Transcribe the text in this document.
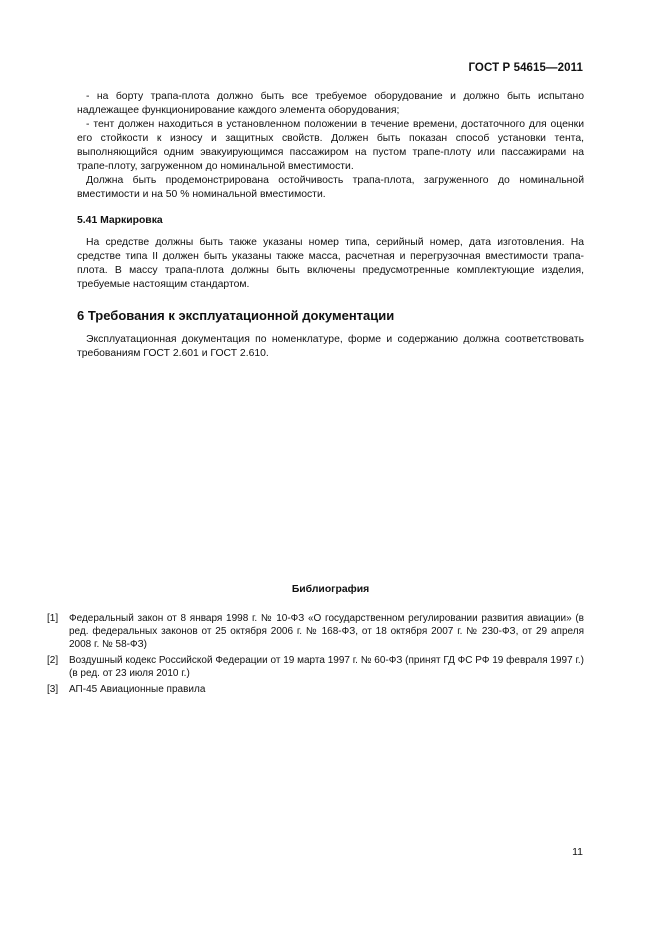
ГОСТ Р 54615—2011

- на борту трапа-плота должно быть все требуемое оборудование и должно быть испытано надлежащее функционирование каждого элемента оборудования;

- тент должен находиться в установленном положении в течение времени, достаточного для оценки его стойкости к износу и защитных свойств. Должен быть показан способ установки тента, выполняющийся одним эвакуирующимся пассажиром на пустом трапе-плоту или пассажирами на трапе-плоту, загруженном до номинальной вместимости.

Должна быть продемонстрирована остойчивость трапа-плота, загруженного до номинальной вместимости и на 50 % номинальной вместимости.

5.41 Маркировка

На средстве должны быть также указаны номер типа, серийный номер, дата изготовления. На средстве типа II должен быть указаны также масса, расчетная и перегрузочная вместимости трапа-плота. В массу трапа-плота должны быть включены предусмотренные комплектующие изделия, требуемые настоящим стандартом.

6 Требования к эксплуатационной документации

Эксплуатационная документация по номенклатуре, форме и содержанию должна соответствовать требованиям ГОСТ 2.601 и ГОСТ 2.610.

Библиография
[1]	Федеральный закон от 8 января 1998 г. № 10-ФЗ «О государственном регулировании развития авиации» (в ред. федеральных законов от 25 октября 2006 г. № 168-ФЗ, от 18 октября 2007 г. № 230-ФЗ, от 29 апреля 2008 г. № 58-ФЗ)
[2]	Воздушный кодекс Российской Федерации от 19 марта 1997 г. № 60-ФЗ (принят ГД ФС РФ 19 февраля 1997 г.) (в ред. от 23 июля 2010 г.)
[3]	АП-45 Авиационные правила
11
